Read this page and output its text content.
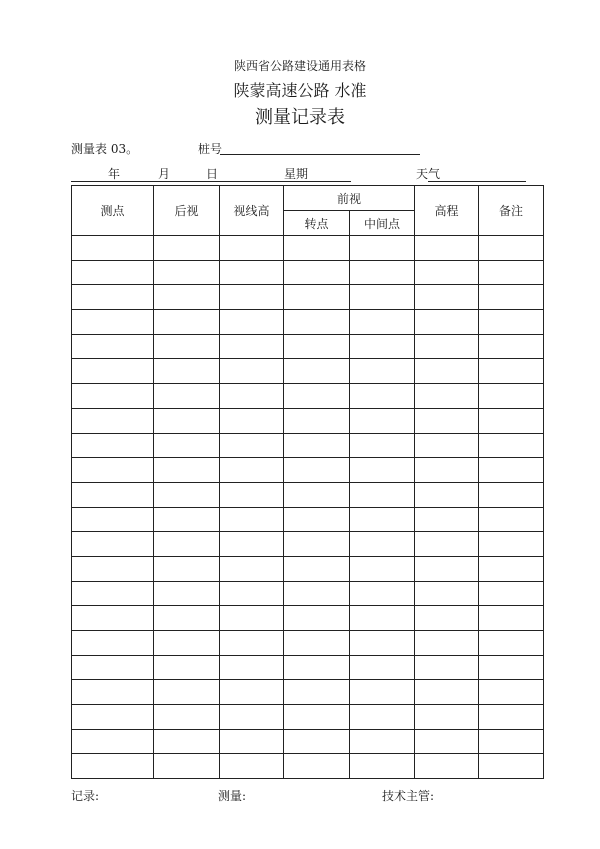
陕西省公路建设通用表格
陕蒙高速公路 水准
测量记录表
测量表 03。	桩号
年	月	日	星期	天气
测点	后视	视线高	前视		高程	备注
			转点	中间点		

记录:	测量:	技术主管:
